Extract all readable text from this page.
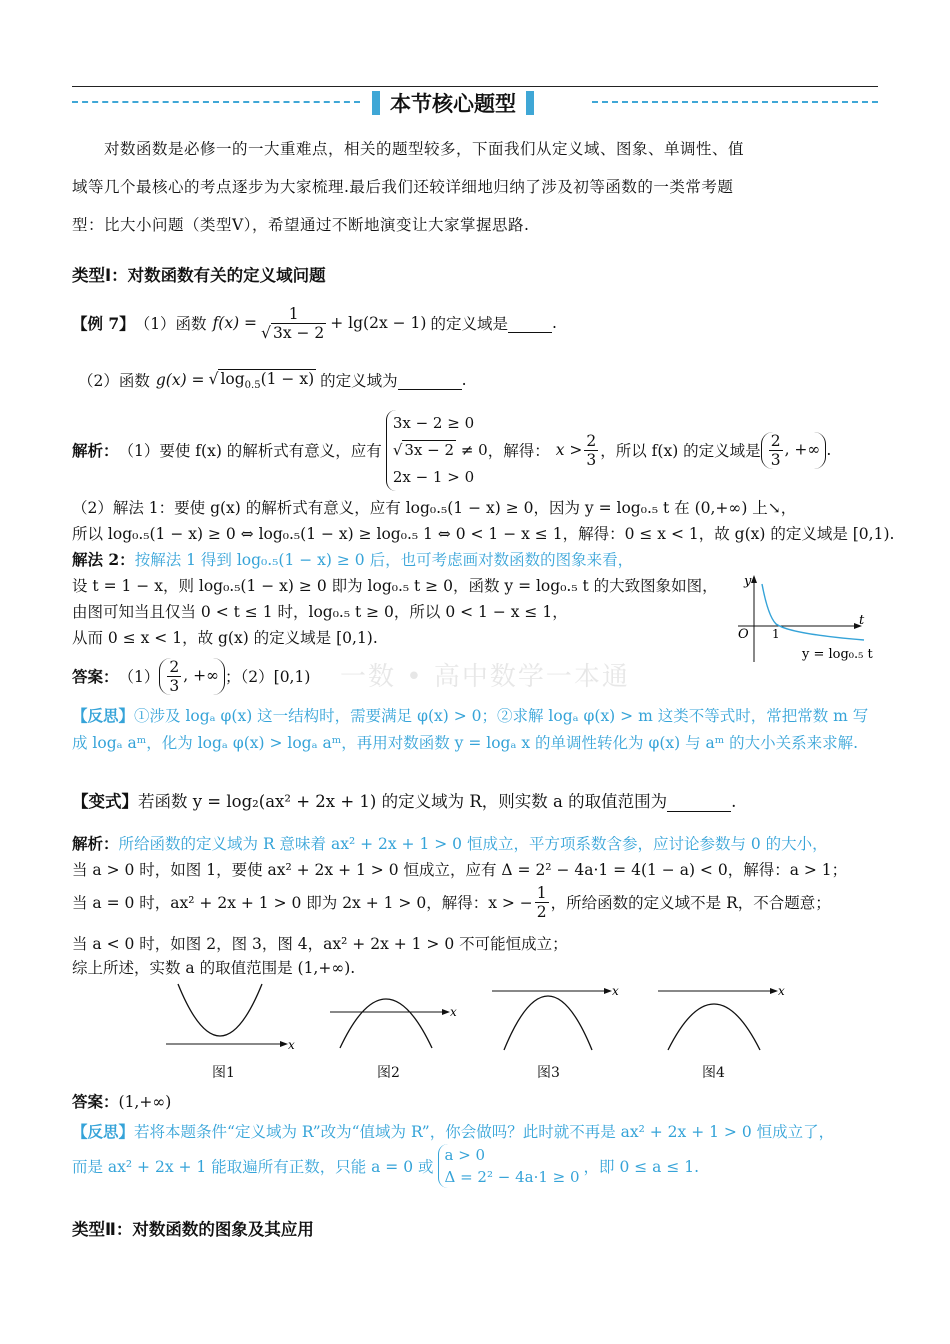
本节核心题型
对数函数是必修一的一大重难点，相关的题型较多，下面我们从定义域、图象、单调性、值
域等几个最核心的考点逐步为大家梳理.最后我们还较详细地归纳了涉及初等函数的一类常考题
型：比大小问题（类型Ⅴ），希望通过不断地演变让大家掌握思路.
类型Ⅰ：对数函数有关的定义域问题
【例 7】 （1）函数 $f(x) = \frac{1}{√ 3x - 2} + \lg(2x - 1)$ 的定义域是	.
（2）函数 g(x) = √ $\log_{0.5}(1 - x)$ 的定义域为	.
解析： （1）要使 f(x) 的解析式有意义，应有
3x − 2 ≥ 0
√ 3x − 2 ≠ 0
2x − 1 > 0
，解得： $x > \frac{2}{3}$ ，所以 f(x) 的定义域是 $\frac{2}{3}$ , +∞ .
（2）解法 1：要使 g(x) 的解析式有意义，应有 log₀.₅(1 − x) ≥ 0，因为 y = log₀.₅ t 在 (0,+∞) 上↘，
所以 log₀.₅(1 − x) ≥ 0 ⇔ log₀.₅(1 − x) ≥ log₀.₅ 1 ⇔ 0 < 1 − x ≤ 1，解得：0 ≤ x < 1，故 g(x) 的定义域是 [0,1).
解法 2：按解法 1 得到 log₀.₅(1 − x) ≥ 0 后，也可考虑画对数函数的图象来看，
设 t = 1 − x，则 log₀.₅(1 − x) ≥ 0 即为 log₀.₅ t ≥ 0，函数 y = log₀.₅ t 的大致图象如图，
由图可知当且仅当 0 < t ≤ 1 时，log₀.₅ t ≥ 0，所以 0 < 1 − x ≤ 1，
从而 0 ≤ x < 1，故 g(x) 的定义域是 [0,1).
y
t
O 1
y = log₀.₅ t
一数 • 高中数学一本通
答案： $(1) \frac{2}{3}$ , +∞ ；（2）[0,1)
【反思】①涉及 logₐ φ(x) 这一结构时，需要满足 φ(x) > 0；②求解 logₐ φ(x) > m 这类不等式时，常把常数 m 写
成 logₐ aᵐ，化为 logₐ φ(x) > logₐ aᵐ，再用对数函数 y = logₐ x 的单调性转化为 φ(x) 与 aᵐ 的大小关系来求解.
【变式】若函数 y = log₂(ax² + 2x + 1) 的定义域为 R，则实数 a 的取值范围为	.
解析：所给函数的定义域为 R 意味着 ax² + 2x + 1 > 0 恒成立，平方项系数含参，应讨论参数与 0 的大小，
当 a > 0 时，如图 1，要使 ax² + 2x + 1 > 0 恒成立，应有 Δ = 2² − 4a·1 = 4(1 − a) < 0，解得：a > 1；
当 a = 0 时，ax² + 2x + 1 > 0 即为 2x + 1 > 0，解得：x > − $\frac{1}{2}$ ，所给函数的定义域不是 R，不合题意；
当 a < 0 时，如图 2，图 3，图 4，ax² + 2x + 1 > 0 不可能恒成立；
综上所述，实数 a 的取值范围是 (1,+∞).
x
x
x	x
图1	图2	图3	图4
答案：(1,+∞)
【反思】若将本题条件“定义域为 R”改为“值域为 R”，你会做吗？此时就不再是 ax² + 2x + 1 > 0 恒成立了，
而是 ax² + 2x + 1 能取遍所有正数，只能 a = 0 或
a > 0
Δ = 2² − 4a·1 ≥ 0
，即 0 ≤ a ≤ 1.
类型Ⅱ：对数函数的图象及其应用
